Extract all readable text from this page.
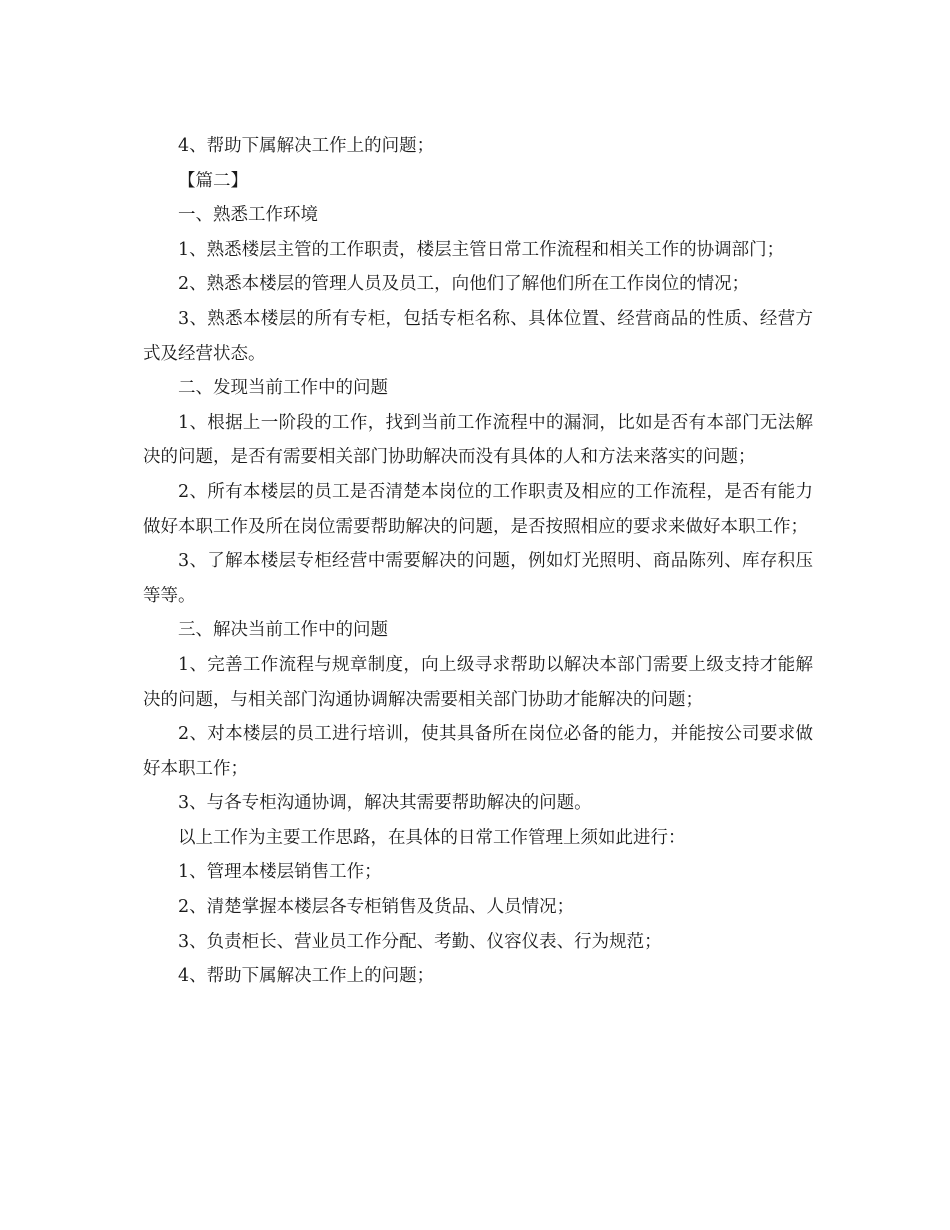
4、帮助下属解决工作上的问题；

【篇二】

一、熟悉工作环境

1、熟悉楼层主管的工作职责，楼层主管日常工作流程和相关工作的协调部门；

2、熟悉本楼层的管理人员及员工，向他们了解他们所在工作岗位的情况；

3、熟悉本楼层的所有专柜，包括专柜名称、具体位置、经营商品的性质、经营方式及经营状态。

二、发现当前工作中的问题

1、根据上一阶段的工作，找到当前工作流程中的漏洞，比如是否有本部门无法解决的问题，是否有需要相关部门协助解决而没有具体的人和方法来落实的问题；

2、所有本楼层的员工是否清楚本岗位的工作职责及相应的工作流程，是否有能力做好本职工作及所在岗位需要帮助解决的问题，是否按照相应的要求来做好本职工作；

3、了解本楼层专柜经营中需要解决的问题，例如灯光照明、商品陈列、库存积压等等。

三、解决当前工作中的问题

1、完善工作流程与规章制度，向上级寻求帮助以解决本部门需要上级支持才能解决的问题，与相关部门沟通协调解决需要相关部门协助才能解决的问题；

2、对本楼层的员工进行培训，使其具备所在岗位必备的能力，并能按公司要求做好本职工作；

3、与各专柜沟通协调，解决其需要帮助解决的问题。

以上工作为主要工作思路，在具体的日常工作管理上须如此进行：

1、管理本楼层销售工作；

2、清楚掌握本楼层各专柜销售及货品、人员情况；

3、负责柜长、营业员工作分配、考勤、仪容仪表、行为规范；

4、帮助下属解决工作上的问题；
